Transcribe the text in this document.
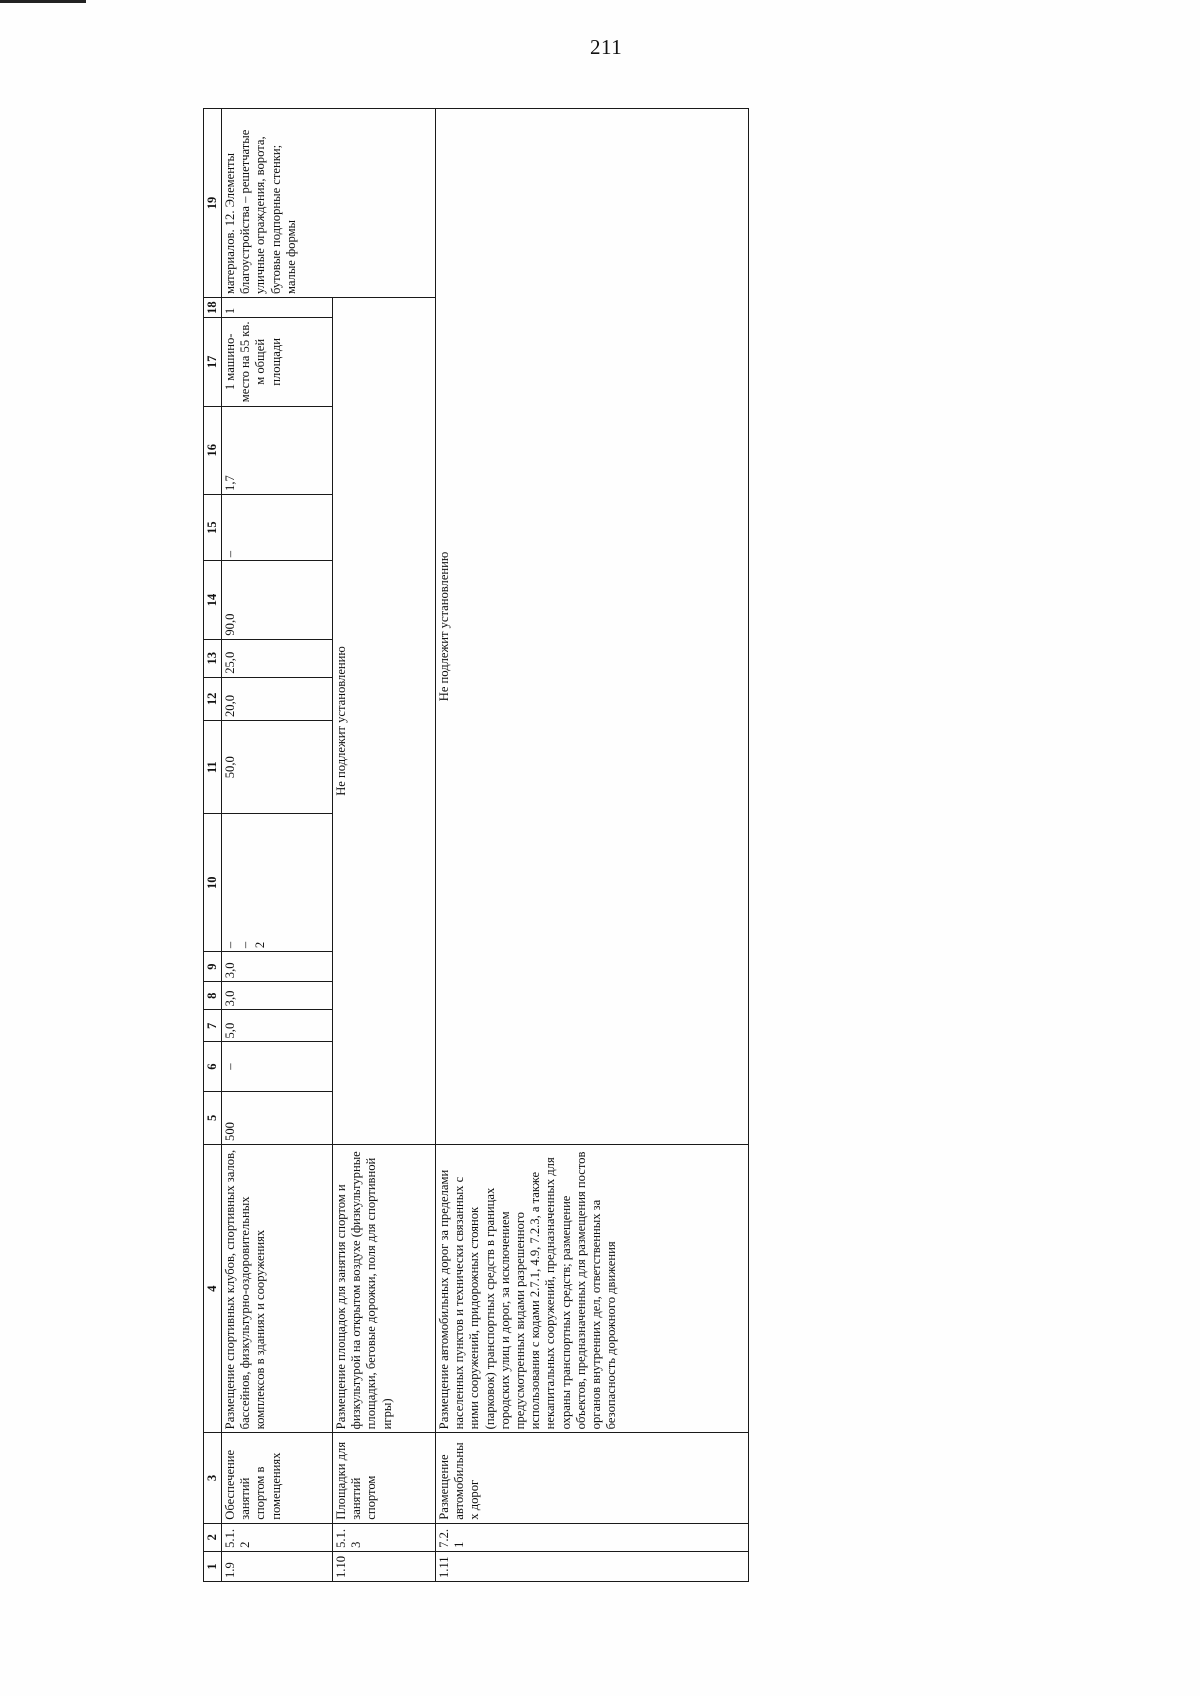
211
1	2	3	4	5	6	7	8	9	10	11	12	13	14	15	16	17	18	19
1.9	5.1.2	Обеспечение занятий спортом в помещениях	Размещение спортивных клубов, спортивных залов, бассейнов, физкультурно-оздоровительных комплексов в зданиях и сооружениях	500	–	5,0	3,0	3,0	– – 2	50,0	20,0	25,0	90,0	–	1,7	1 машино-место на 55 кв. м общей площади	1	материалов. 12. Элементы благоустройства – решетчатые уличные ограждения, ворота, бутовые подпорные стенки; малые формы
1.10	5.1.3	Площадки для занятий спортом	Размещение площадок для занятия спортом и физкультурой на открытом воздухе (физкультурные площадки, беговые дорожки, поля для спортивной игры)	Не подлежит установлению														
1.11	7.2.1	Размещение автомобильных дорог	Размещение автомобильных дорог за пределами населенных пунктов и технически связанных с ними сооружений, придорожных стоянок (парковок) транспортных средств в границах городских улиц и дорог, за исключением предусмотренных видами разрешенного использования с кодами 2.7.1, 4.9, 7.2.3, а также некапитальных сооружений, предназначенных для охраны транспортных средств; размещение объектов, предназначенных для размещения постов органов внутренних дел, ответственных за безопасность дорожного движения	Не подлежит установлению														
